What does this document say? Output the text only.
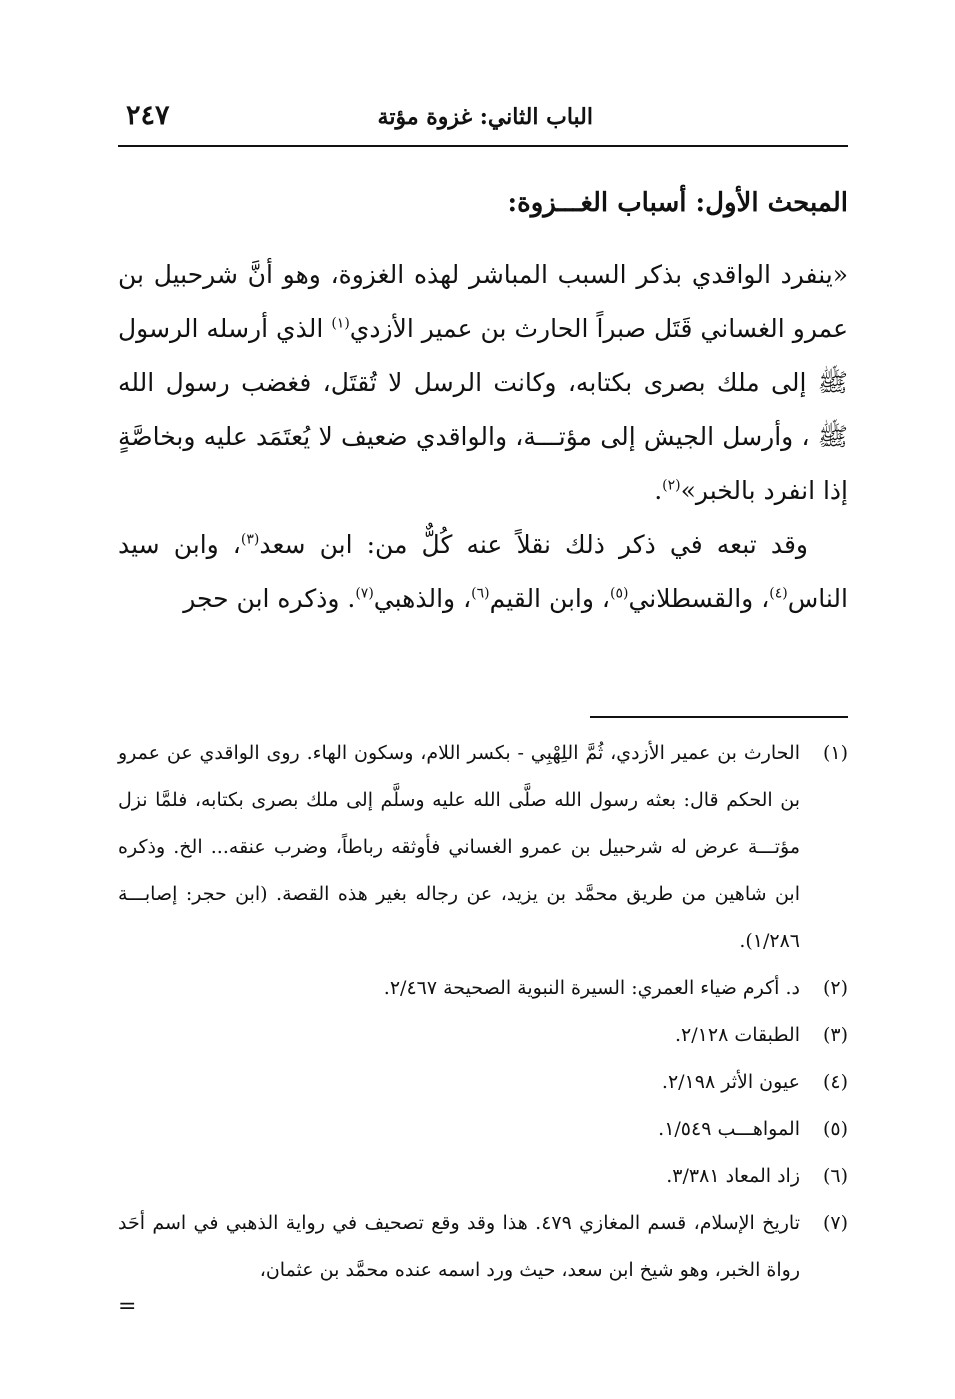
٢٤٧	الباب الثاني: غزوة مؤتة
المبحث الأول: أسباب الغـــزوة:

«ينفرد الواقدي بذكر السبب المباشر لهذه الغزوة، وهو أنَّ شرحبيل بن عمرو الغساني قَتَل صبراً الحارث بن عمير الأزدي$^{(١)}$ الذي أرسله الرسول ﷺ إلى ملك بصرى بكتابه، وكانت الرسل لا تُقتَل، فغضب رسول الله ﷺ ، وأرسل الجيش إلى مؤتـــة، والواقدي ضعيف لا يُعتَمَد عليه وبخاصَّةٍ إذا انفرد بالخبر»$^{(٢)}$.

وقد تبعه في ذكر ذلك نقلاً عنه كُلٌّ من: ابن سعد$^{(٣)}$، وابن سيد الناس$^{(٤)}$، والقسطلاني$^{(٥)}$، وابن القيم$^{(٦)}$، والذهبي$^{(٧)}$. وذكره ابن حجر

(١)
الحارث بن عمير الأزدي، ثُمَّ اللِهْبِي - بكسر اللام، وسكون الهاء. روى الواقدي عن عمرو بن الحكم قال: بعثه رسول الله صلَّى الله عليه وسلَّم إلى ملك بصرى بكتابه، فلمَّا نزل مؤتـــة عرض له شرحبيل بن عمرو الغساني فأوثقه رباطاً، وضرب عنقه... الخ. وذكره ابن شاهين من طريق محمَّد بن يزيد، عن رجاله بغير هذه القصة. (ابن حجر: إصابـــة ١/٢٨٦).
(٢)
د. أكرم ضياء العمري: السيرة النبوية الصحيحة ٢/٤٦٧.
(٣)
الطبقات ٢/١٢٨.
(٤)
عيون الأثر ٢/١٩٨.
(٥)
المواهـــب ١/٥٤٩.
(٦)
زاد المعاد ٣/٣٨١.
(٧)
تاريخ الإسلام، قسم المغازي ٤٧٩. هذا وقد وقع تصحيف في رواية الذهبي في اسم أحَد رواة الخبر، وهو شيخ ابن سعد، حيث ورد اسمه عنده محمَّد بن عثمان،
=
